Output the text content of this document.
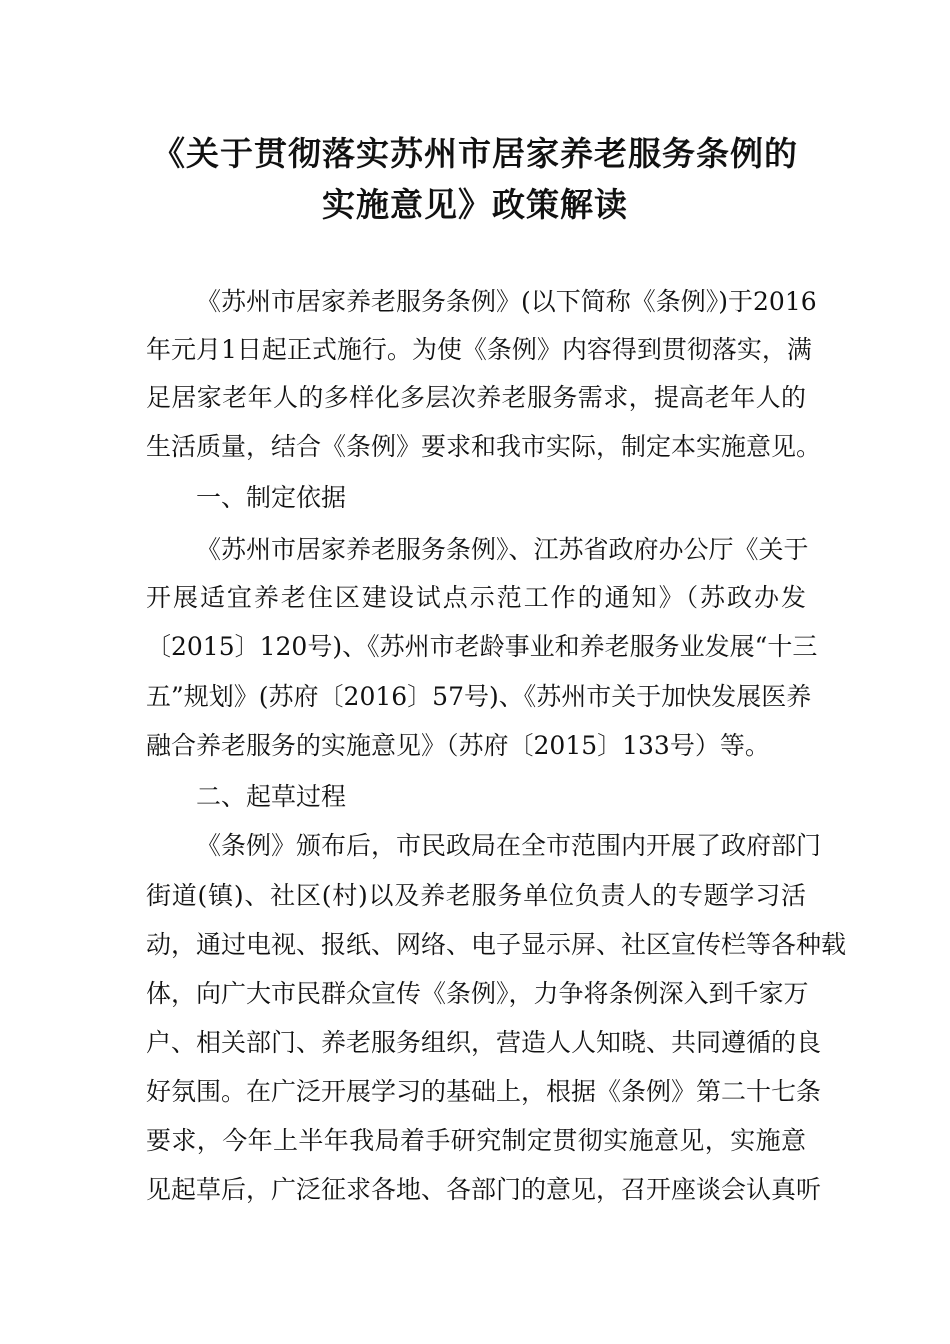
《关于贯彻落实苏州市居家养老服务条例的
实施意见》政策解读
《苏州市居家养老服务条例》(以下简称《条例》)于2016
年元月1日起正式施行。为使《条例》内容得到贯彻落实，满
足居家老年人的多样化多层次养老服务需求，提高老年人的
生活质量，结合《条例》要求和我市实际，制定本实施意见。
一、制定依据
《苏州市居家养老服务条例》、江苏省政府办公厅《关于
开展适宜养老住区建设试点示范工作的通知》（苏政办发
〔2015〕120号)、《苏州市老龄事业和养老服务业发展“十三
五”规划》(苏府〔2016〕57号)、《苏州市关于加快发展医养
融合养老服务的实施意见》（苏府〔2015〕133号）等。
二、起草过程
《条例》颁布后，市民政局在全市范围内开展了政府部门
街道(镇)、社区(村)以及养老服务单位负责人的专题学习活
动，通过电视、报纸、网络、电子显示屏、社区宣传栏等各种载
体，向广大市民群众宣传《条例》，力争将条例深入到千家万
户、相关部门、养老服务组织，营造人人知晓、共同遵循的良
好氛围。在广泛开展学习的基础上，根据《条例》第二十七条
要求，今年上半年我局着手研究制定贯彻实施意见，实施意
见起草后，广泛征求各地、各部门的意见，召开座谈会认真听
